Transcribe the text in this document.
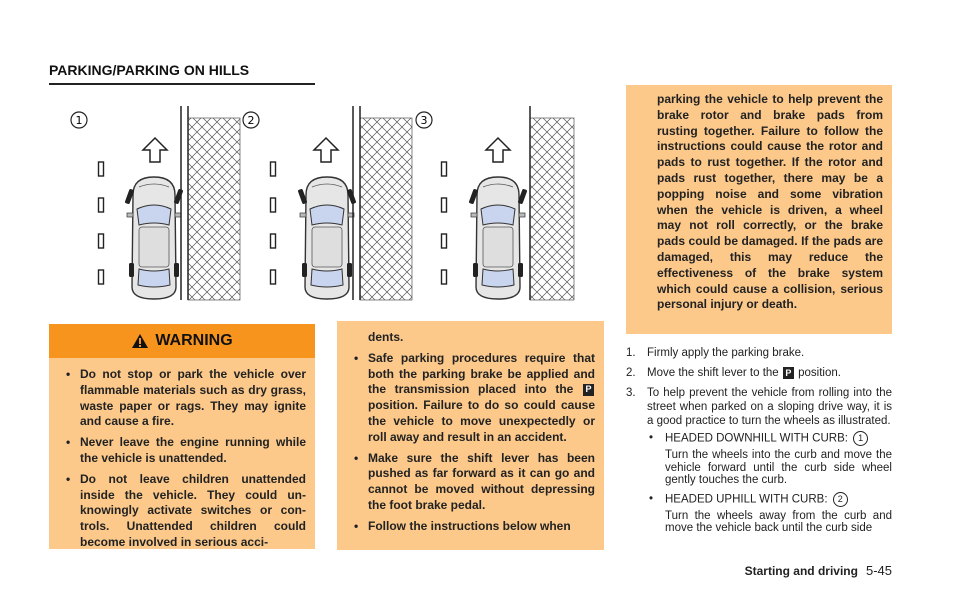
PARKING/PARKING ON HILLS
1	2	3
WARNING
• Do not stop or park the vehicle over flammable materials such as dry grass, waste paper or rags. They may ignite and cause a fire.
• Never leave the engine running while the vehicle is unattended.
• Do not leave children unattended inside the vehicle. They could unknowingly activate switches or controls. Unattended children could become involved in serious acci-
dents.
• Safe parking procedures require that both the parking brake be applied and the transmission placed into the P position. Failure to do so could cause the vehicle to move unexpectedly or roll away and result in an accident.
• Make sure the shift lever has been pushed as far forward as it can go and cannot be moved without depressing the foot brake pedal.
• Follow the instructions below when
parking the vehicle to help prevent the brake rotor and brake pads from rusting together. Failure to follow the instructions could cause the rotor and pads to rust together. If the rotor and pads rust together, there may be a popping noise and some vibration when the vehicle is driven, a wheel may not roll correctly, or the brake pads could be damaged. If the pads are damaged, this may reduce the effectiveness of the brake system which could cause a collision, serious personal injury or death.
1. Firmly apply the parking brake.
2. Move the shift lever to the P position.
3. To help prevent the vehicle from rolling into the street when parked on a sloping drive way, it is a good practice to turn the wheels as illustrated.
• HEADED DOWNHILL WITH CURB: 1
Turn the wheels into the curb and move the vehicle forward until the curb side wheel gently touches the curb.
• HEADED UPHILL WITH CURB: 2
Turn the wheels away from the curb and move the vehicle back until the curb side
Starting and driving 5-45
